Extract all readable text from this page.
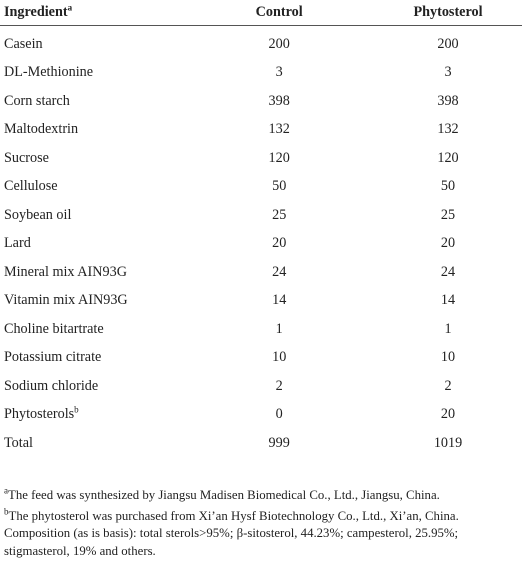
Ingredient$^a$	Control	Phytosterol
Casein	200	200
DL-Methionine	3	3
Corn starch	398	398
Maltodextrin	132	132
Sucrose	120	120
Cellulose	50	50
Soybean oil	25	25
Lard	20	20
Mineral mix AIN93G	24	24
Vitamin mix AIN93G	14	14
Choline bitartrate	1	1
Potassium citrate	10	10
Sodium chloride	2	2
Phytosterols$^b$	0	20
Total	999	1019

$^a$The feed was synthesized by Jiangsu Madisen Biomedical Co., Ltd., Jiangsu, China.

$^b$The phytosterol was purchased from Xi’an Hysf Biotechnology Co., Ltd., Xi’an, China. Composition (as is basis): total sterols>95%; β-sitosterol, 44.23%; campesterol, 25.95%; stigmasterol, 19% and others.
